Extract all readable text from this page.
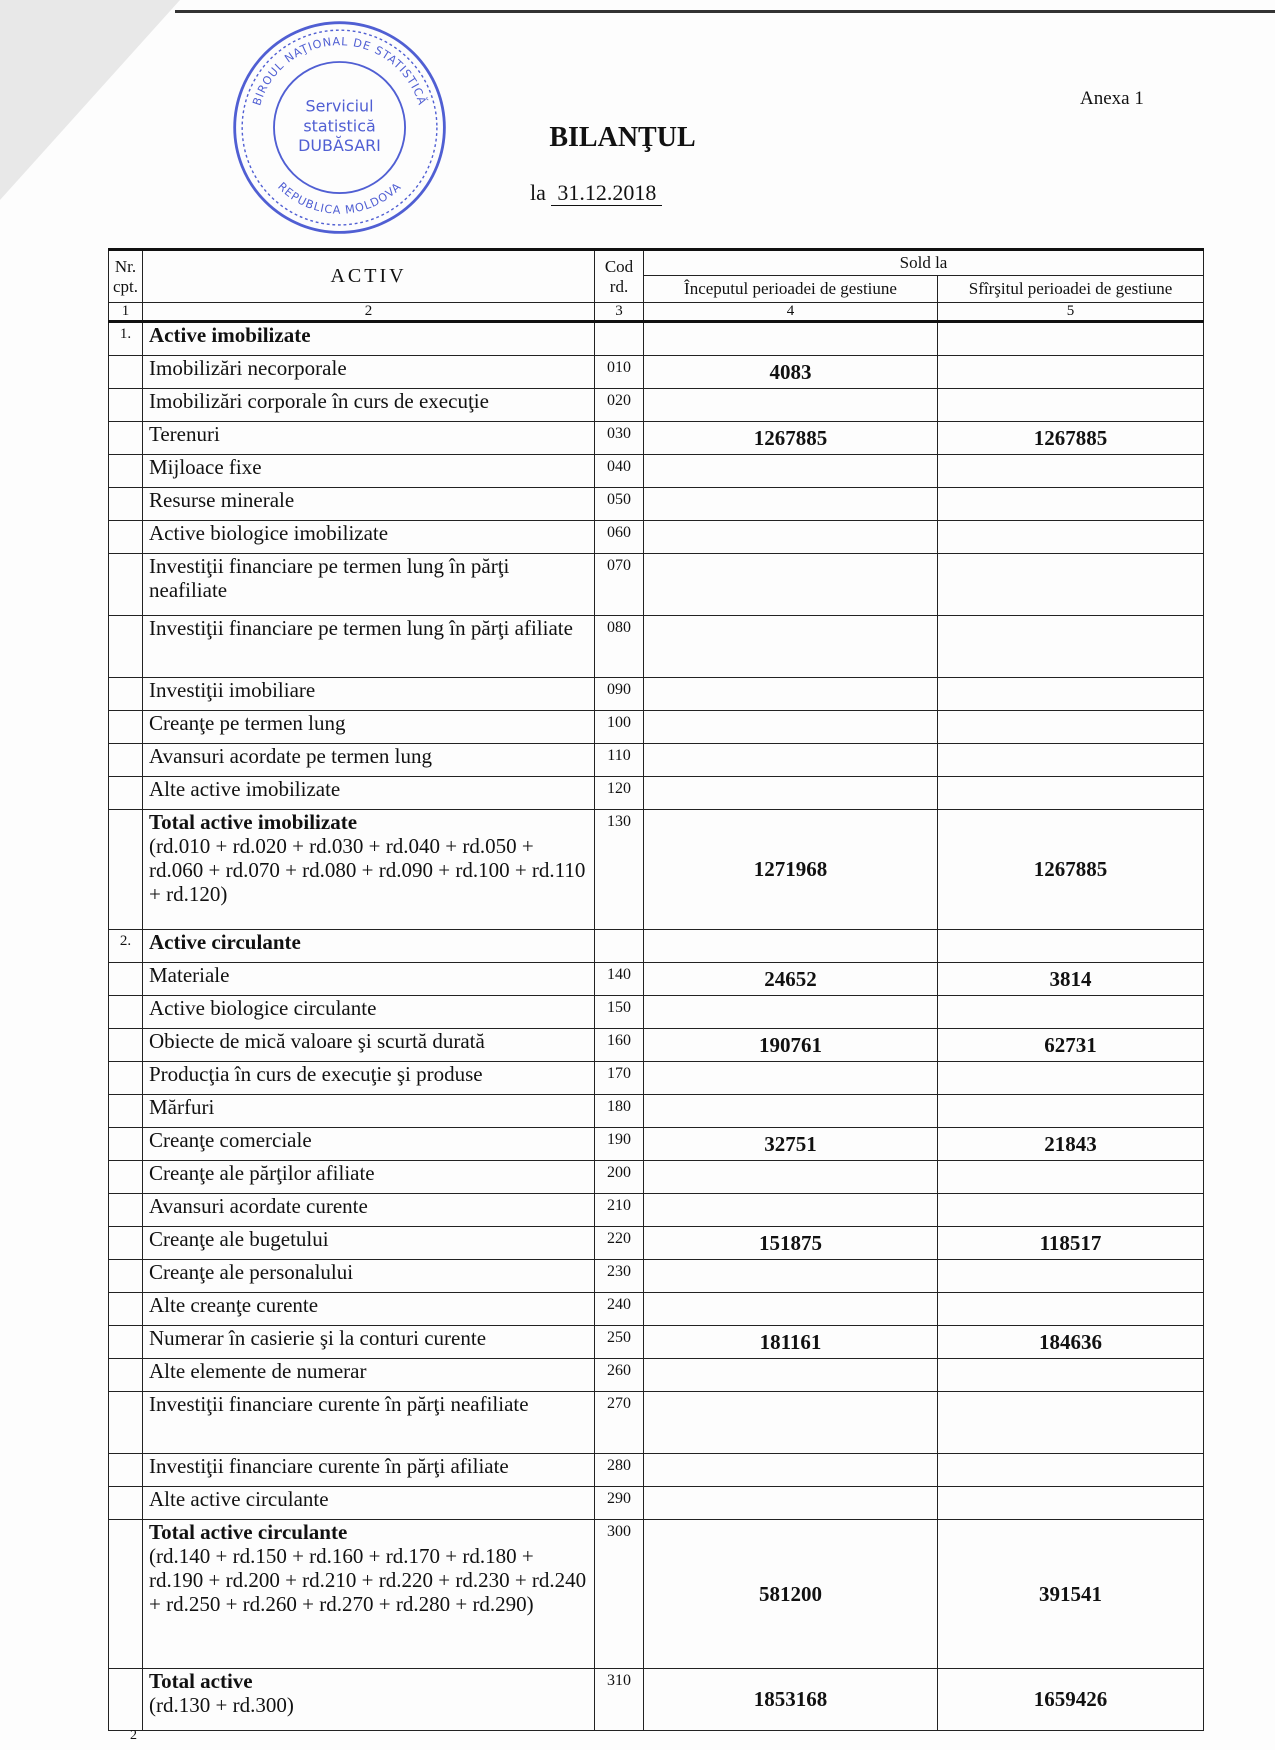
Anexa 1
BILANŢUL
la 31.12.2018
BIROUL NAŢIONAL DE STATISTICĂ
REPUBLICA MOLDOVA
Serviciul
statistică
DUBĂSARI
Nr. cpt.	ACTIV	Cod rd.	Sold la	
			Începutul perioadei de gestiune	Sfîrşitul perioadei de gestiune
1	2	3	4	5
1.	Active imobilizate			
	Imobilizări necorporale	010	4083	
	Imobilizări corporale în curs de execuţie	020		
	Terenuri	030	1267885	1267885
	Mijloace fixe	040		
	Resurse minerale	050		
	Active biologice imobilizate	060		
	Investiţii financiare pe termen lung în părţi neafiliate	070		
	Investiţii financiare pe termen lung în părţi afiliate	080		
	Investiţii imobiliare	090		
	Creanţe pe termen lung	100		
	Avansuri acordate pe termen lung	110		
	Alte active imobilizate	120		
	Total active imobilizate
(rd.010 + rd.020 + rd.030 + rd.040 + rd.050 + rd.060 + rd.070 + rd.080 + rd.090 + rd.100 + rd.110 + rd.120)	130	1271968	1267885
2.	Active circulante			
	Materiale	140	24652	3814
	Active biologice circulante	150		
	Obiecte de mică valoare şi scurtă durată	160	190761	62731
	Producţia în curs de execuţie şi produse	170		
	Mărfuri	180		
	Creanţe comerciale	190	32751	21843
	Creanţe ale părţilor afiliate	200		
	Avansuri acordate curente	210		
	Creanţe ale bugetului	220	151875	118517
	Creanţe ale personalului	230		
	Alte creanţe curente	240		
	Numerar în casierie şi la conturi curente	250	181161	184636
	Alte elemente de numerar	260		
	Investiţii financiare curente în părţi neafiliate	270		
	Investiţii financiare curente în părţi afiliate	280		
	Alte active circulante	290		
	Total active circulante
(rd.140 + rd.150 + rd.160 + rd.170 + rd.180 + rd.190 + rd.200 + rd.210 + rd.220 + rd.230 + rd.240 + rd.250 + rd.260 + rd.270 + rd.280 + rd.290)	300	581200	391541
	Total active
(rd.130 + rd.300)	310	1853168	1659426
2
